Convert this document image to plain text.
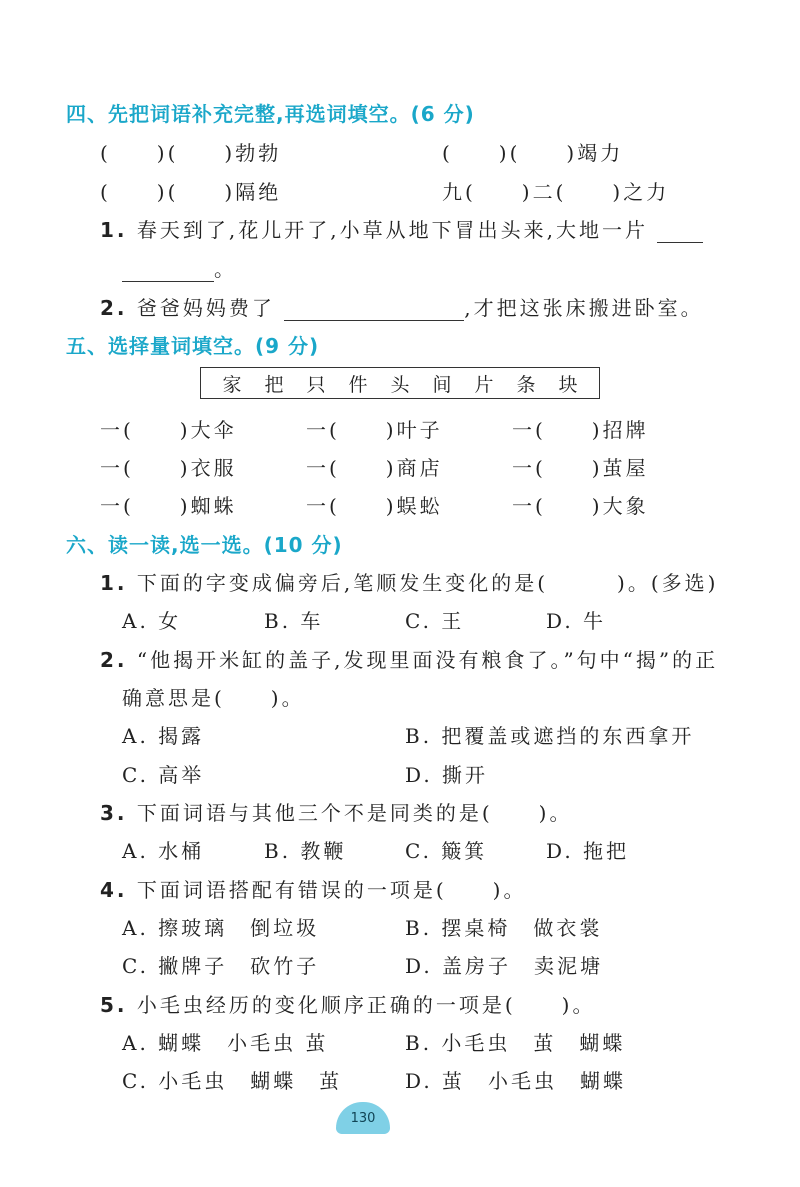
四、先把词语补充完整,再选词填空。(6 分)
(　　)(　　)勃勃	(　　)(　　)竭力
(　　)(　　)隔绝	九(　　)二(　　)之力
1. 春天到了,花儿开了,小草从地下冒出头来,大地一片
。
2. 爸爸妈妈费了	,才把这张床搬进卧室。
五、选择量词填空。(9 分)
家 把 只 件 头 间 片 条 块
一(　　)大伞	一(　　)叶子	一(　　)招牌
一(　　)衣服	一(　　)商店	一(　　)茧屋
一(　　)蜘蛛	一(　　)蜈蚣	一(　　)大象
六、读一读,选一选。(10 分)
1. 下面的字变成偏旁后,笔顺发生变化的是(　　　)。(多选)
A. 女	B. 车	C. 王	D. 牛
2. “他揭开米缸的盖子,发现里面没有粮食了。”句中“揭”的正
确意思是(　　)。
A. 揭露	B. 把覆盖或遮挡的东西拿开
C. 高举	D. 撕开
3. 下面词语与其他三个不是同类的是(　　)。
A. 水桶	B. 教鞭	C. 簸箕	D. 拖把
4. 下面词语搭配有错误的一项是(　　)。
A. 擦玻璃　倒垃圾	B. 摆桌椅　做衣裳
C. 撇牌子　砍竹子	D. 盖房子　卖泥塘
5. 小毛虫经历的变化顺序正确的一项是(　　)。
A. 蝴蝶　小毛虫 茧	B. 小毛虫　茧　蝴蝶
C. 小毛虫　蝴蝶　茧	D. 茧　小毛虫　蝴蝶
130
